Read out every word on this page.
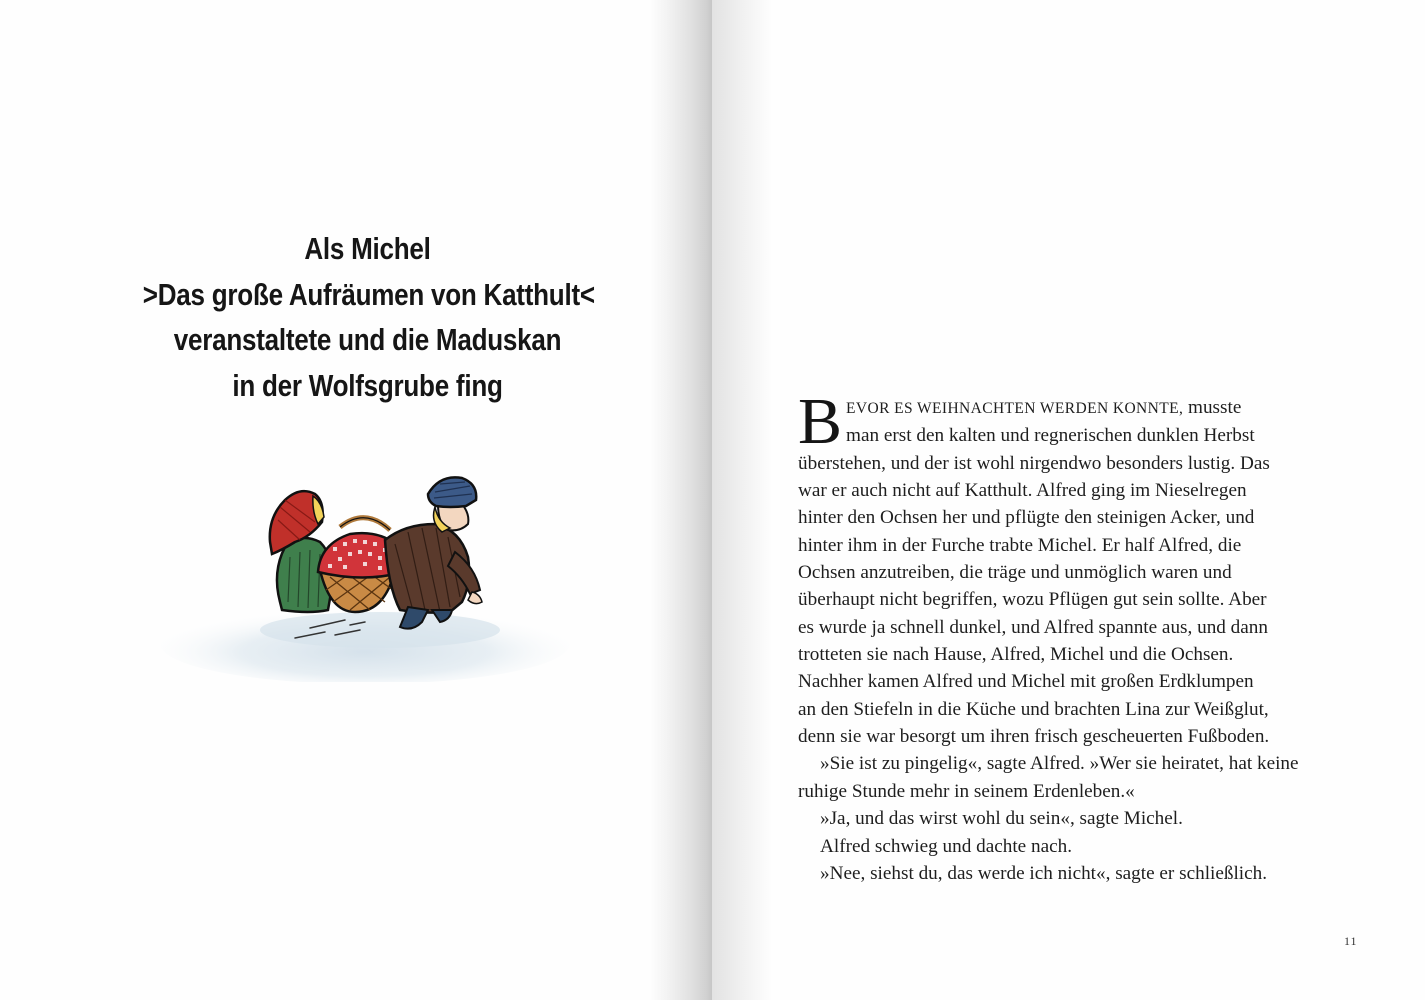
Als Michel
>Das große Aufräumen von Katthult<
veranstaltete und die Maduskan
in der Wolfsgrube fing	B EVOR ES WEIHNACHTEN WERDEN KONNTE, musste
man erst den kalten und regnerischen dunklen Herbst
überstehen, und der ist wohl nirgendwo besonders lustig. Das
war er auch nicht auf Katthult. Alfred ging im Nieselregen
hinter den Ochsen her und pflügte den steinigen Acker, und
hinter ihm in der Furche trabte Michel. Er half Alfred, die
Ochsen anzutreiben, die träge und unmöglich waren und
überhaupt nicht begriffen, wozu Pflügen gut sein sollte. Aber
es wurde ja schnell dunkel, und Alfred spannte aus, und dann
trotteten sie nach Hause, Alfred, Michel und die Ochsen.
Nachher kamen Alfred und Michel mit großen Erdklumpen
an den Stiefeln in die Küche und brachten Lina zur Weißglut,
denn sie war besorgt um ihren frisch gescheuerten Fußboden.

»Sie ist zu pingelig«, sagte Alfred. »Wer sie heiratet, hat keine
ruhige Stunde mehr in seinem Erdenleben.«

»Ja, und das wirst wohl du sein«, sagte Michel.

Alfred schwieg und dachte nach.

»Nee, siehst du, das werde ich nicht«, sagte er schließlich.

11
